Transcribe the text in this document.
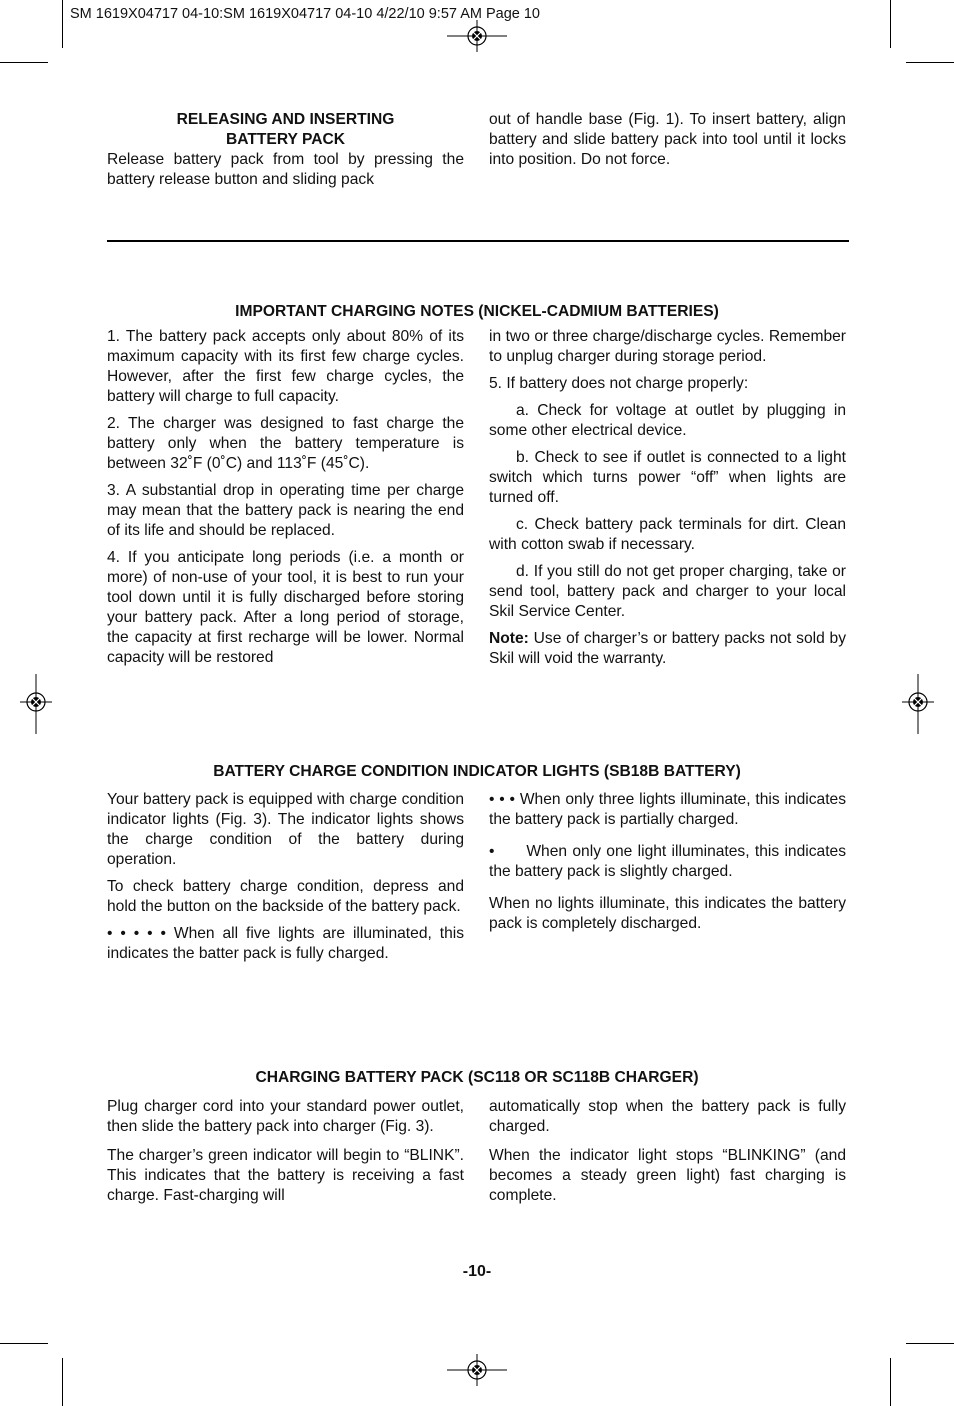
SM 1619X04717 04-10:SM 1619X04717 04-10 4/22/10 9:57 AM Page 10
RELEASING AND INSERTING
BATTERY PACK

Release battery pack from tool by pressing the battery release button and sliding pack

out of handle base (Fig. 1). To insert battery, align battery and slide battery pack into tool until it locks into position. Do not force.

IMPORTANT CHARGING NOTES (NICKEL-CADMIUM BATTERIES)

1. The battery pack accepts only about 80% of its maximum capacity with its first few charge cycles. However, after the first few charge cycles, the battery will charge to full capacity.

2. The charger was designed to fast charge the battery only when the battery temperature is between 32˚F (0˚C) and 113˚F (45˚C).

3. A substantial drop in operating time per charge may mean that the battery pack is nearing the end of its life and should be replaced.

4. If you anticipate long periods (i.e. a month or more) of non-use of your tool, it is best to run your tool down until it is fully discharged before storing your battery pack. After a long period of storage, the capacity at first recharge will be lower. Normal capacity will be restored

in two or three charge/discharge cycles. Remember to unplug charger during storage period.

5. If battery does not charge properly:

a. Check for voltage at outlet by plugging in some other electrical device.

b. Check to see if outlet is connected to a light switch which turns power “off” when lights are turned off.

c. Check battery pack terminals for dirt. Clean with cotton swab if necessary.

d. If you still do not get proper charging, take or send tool, battery pack and charger to your local Skil Service Center.

Note: Use of charger’s or battery packs not sold by Skil will void the warranty.

BATTERY CHARGE CONDITION INDICATOR LIGHTS (SB18B BATTERY)

Your battery pack is equipped with charge condition indicator lights (Fig. 3). The indicator lights shows the charge condition of the battery during operation.

To check battery charge condition, depress and hold the button on the backside of the battery pack.

• • • • • When all five lights are illuminated, this indicates the batter pack is fully charged.

• • • When only three lights illuminate, this indicates the battery pack is partially charged.

•      When only one light illuminates, this indicates the battery pack is slightly charged.

When no lights illuminate, this indicates the battery pack is completely discharged.

CHARGING BATTERY PACK (SC118 OR SC118B CHARGER)

Plug charger cord into your standard power outlet, then slide the battery pack into charger (Fig. 3).

The charger’s green indicator will begin to “BLINK”. This indicates that the battery is receiving a fast charge. Fast-charging will

automatically stop when the battery pack is fully charged.

When the indicator light stops “BLINKING” (and becomes a steady green light) fast charging is complete.

-10-
